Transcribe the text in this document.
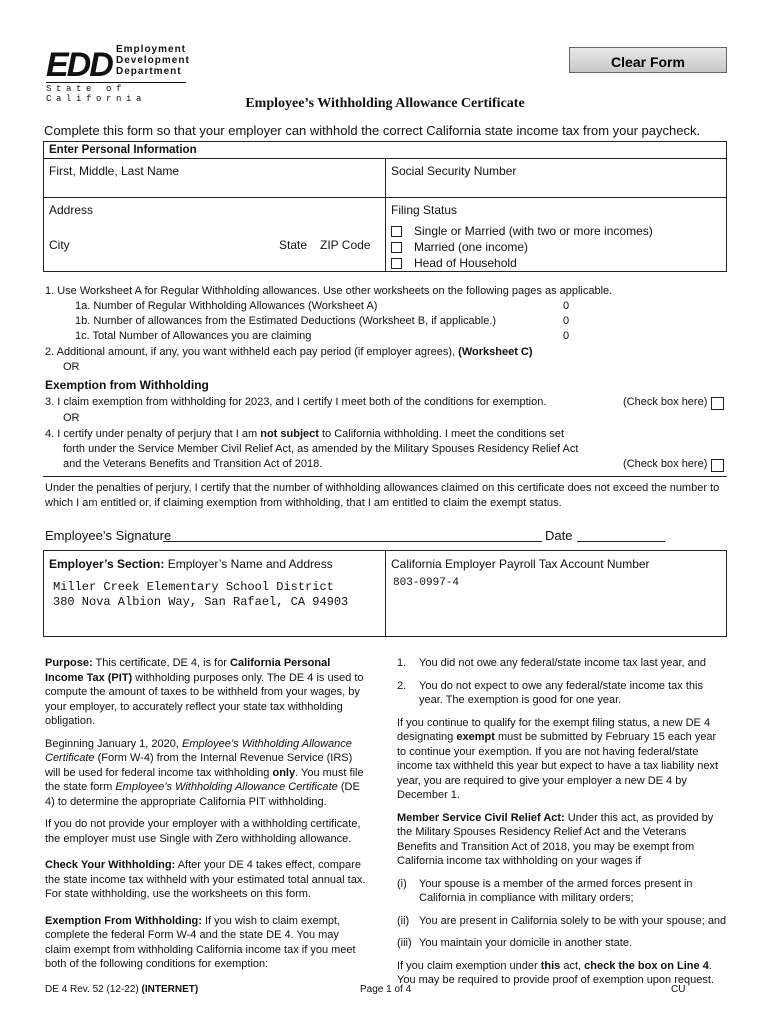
EDD Employment
Development
Department
State of California
Clear Form
Employee’s Withholding Allowance Certificate
Complete this form so that your employer can withhold the correct California state income tax from your paycheck.
Enter Personal Information
First, Middle, Last Name	Social Security Number
Address
City	State ZIP Code
Filing Status
Single or Married (with two or more incomes)
Married (one income)
Head of Household
1. Use Worksheet A for Regular Withholding allowances. Use other worksheets on the following pages as applicable.
1a. Number of Regular Withholding Allowances (Worksheet A)	0
1b. Number of allowances from the Estimated Deductions (Worksheet B, if applicable.)	0
1c. Total Number of Allowances you are claiming	0
2. Additional amount, if any, you want withheld each pay period (if employer agrees), (Worksheet C)
OR
Exemption from Withholding
3. I claim exemption from withholding for 2023, and I certify I meet both of the conditions for exemption.	(Check box here)
OR
4. I certify under penalty of perjury that I am not subject to California withholding. I meet the conditions set
forth under the Service Member Civil Relief Act, as amended by the Military Spouses Residency Relief Act
and the Veterans Benefits and Transition Act of 2018.	(Check box here)
Under the penalties of perjury, I certify that the number of withholding allowances claimed on this certificate does not exceed the number to which I am entitled or, if claiming exemption from withholding, that I am entitled to claim the exempt status.
Employee’s Signature	Date
Employer’s Section: Employer’s Name and Address	California Employer Payroll Tax Account Number
Miller Creek Elementary School District
380 Nova Albion Way, San Rafael, CA 94903
803-0997-4

Purpose: This certificate, DE 4, is for California Personal Income Tax (PIT) withholding purposes only. The DE 4 is used to compute the amount of taxes to be withheld from your wages, by your employer, to accurately reflect your state tax withholding obligation.

Beginning January 1, 2020, Employee’s Withholding Allowance Certificate (Form W-4) from the Internal Revenue Service (IRS) will be used for federal income tax withholding only. You must file the state form Employee’s Withholding Allowance Certificate (DE 4) to determine the appropriate California PIT withholding.

If you do not provide your employer with a withholding certificate, the employer must use Single with Zero withholding allowance.

Check Your Withholding: After your DE 4 takes effect, compare the state income tax withheld with your estimated total annual tax. For state withholding, use the worksheets on this form.

Exemption From Withholding: If you wish to claim exempt, complete the federal Form W-4 and the state DE 4. You may claim exempt from withholding California income tax if you meet both of the following conditions for exemption:

1. You did not owe any federal/state income tax last year, and

2. You do not expect to owe any federal/state income tax this year. The exemption is good for one year.

If you continue to qualify for the exempt filing status, a new DE 4 designating exempt must be submitted by February 15 each year to continue your exemption. If you are not having federal/state income tax withheld this year but expect to have a tax liability next year, you are required to give your employer a new DE 4 by December 1.

Member Service Civil Relief Act: Under this act, as provided by the Military Spouses Residency Relief Act and the Veterans Benefits and Transition Act of 2018, you may be exempt from California income tax withholding on your wages if

(i) Your spouse is a member of the armed forces present in California in compliance with military orders;

(ii) You are present in California solely to be with your spouse; and

(iii) You maintain your domicile in another state.

If you claim exemption under this act, check the box on Line 4. You may be required to provide proof of exemption upon request.

DE 4 Rev. 52 (12-22) (INTERNET)	Page 1 of 4	CU
